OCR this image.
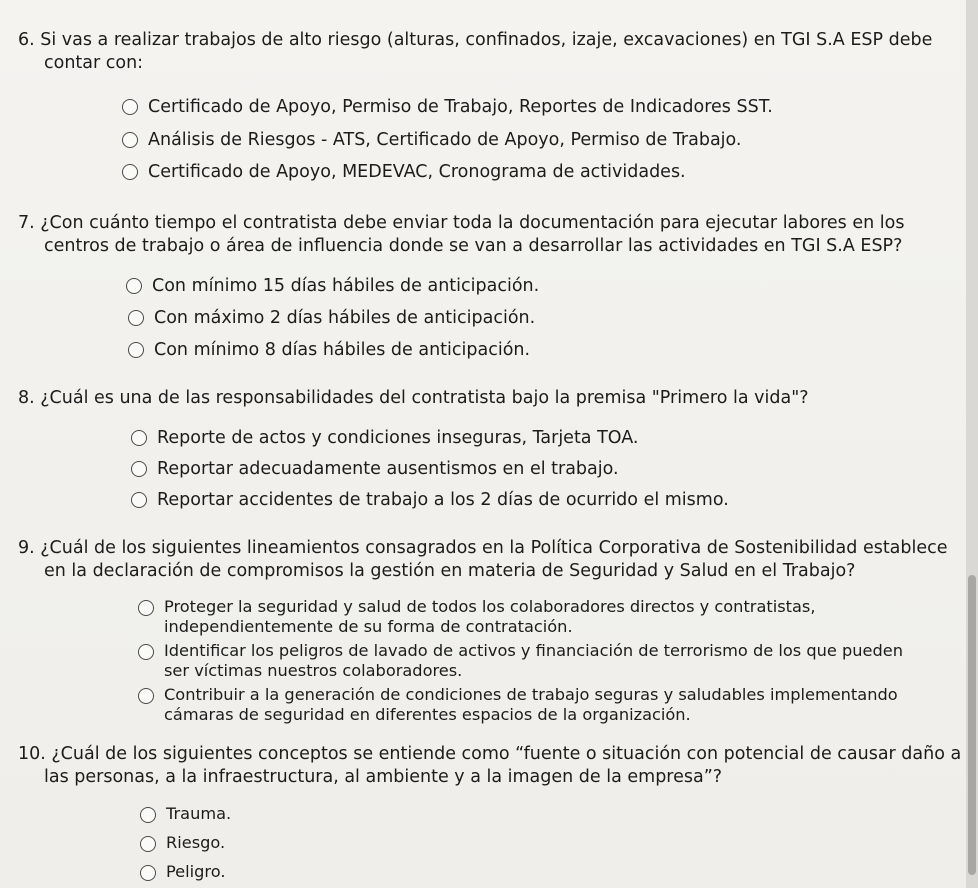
6. Si vas a realizar trabajos de alto riesgo (alturas, confinados, izaje, excavaciones) en TGI S.A ESP debe
contar con:
Certificado de Apoyo, Permiso de Trabajo, Reportes de Indicadores SST.
Análisis de Riesgos - ATS, Certificado de Apoyo, Permiso de Trabajo.
Certificado de Apoyo, MEDEVAC, Cronograma de actividades.
7. ¿Con cuánto tiempo el contratista debe enviar toda la documentación para ejecutar labores en los
centros de trabajo o área de influencia donde se van a desarrollar las actividades en TGI S.A ESP?
Con mínimo 15 días hábiles de anticipación.
Con máximo 2 días hábiles de anticipación.
Con mínimo 8 días hábiles de anticipación.
8. ¿Cuál es una de las responsabilidades del contratista bajo la premisa "Primero la vida"?
Reporte de actos y condiciones inseguras, Tarjeta TOA.
Reportar adecuadamente ausentismos en el trabajo.
Reportar accidentes de trabajo a los 2 días de ocurrido el mismo.
9. ¿Cuál de los siguientes lineamientos consagrados en la Política Corporativa de Sostenibilidad establece
en la declaración de compromisos la gestión en materia de Seguridad y Salud en el Trabajo?
Proteger la seguridad y salud de todos los colaboradores directos y contratistas,
independientemente de su forma de contratación.
Identificar los peligros de lavado de activos y financiación de terrorismo de los que pueden
ser víctimas nuestros colaboradores.
Contribuir a la generación de condiciones de trabajo seguras y saludables implementando
cámaras de seguridad en diferentes espacios de la organización.
10. ¿Cuál de los siguientes conceptos se entiende como “fuente o situación con potencial de causar daño a
las personas, a la infraestructura, al ambiente y a la imagen de la empresa”?
Trauma.
Riesgo.
Peligro.
